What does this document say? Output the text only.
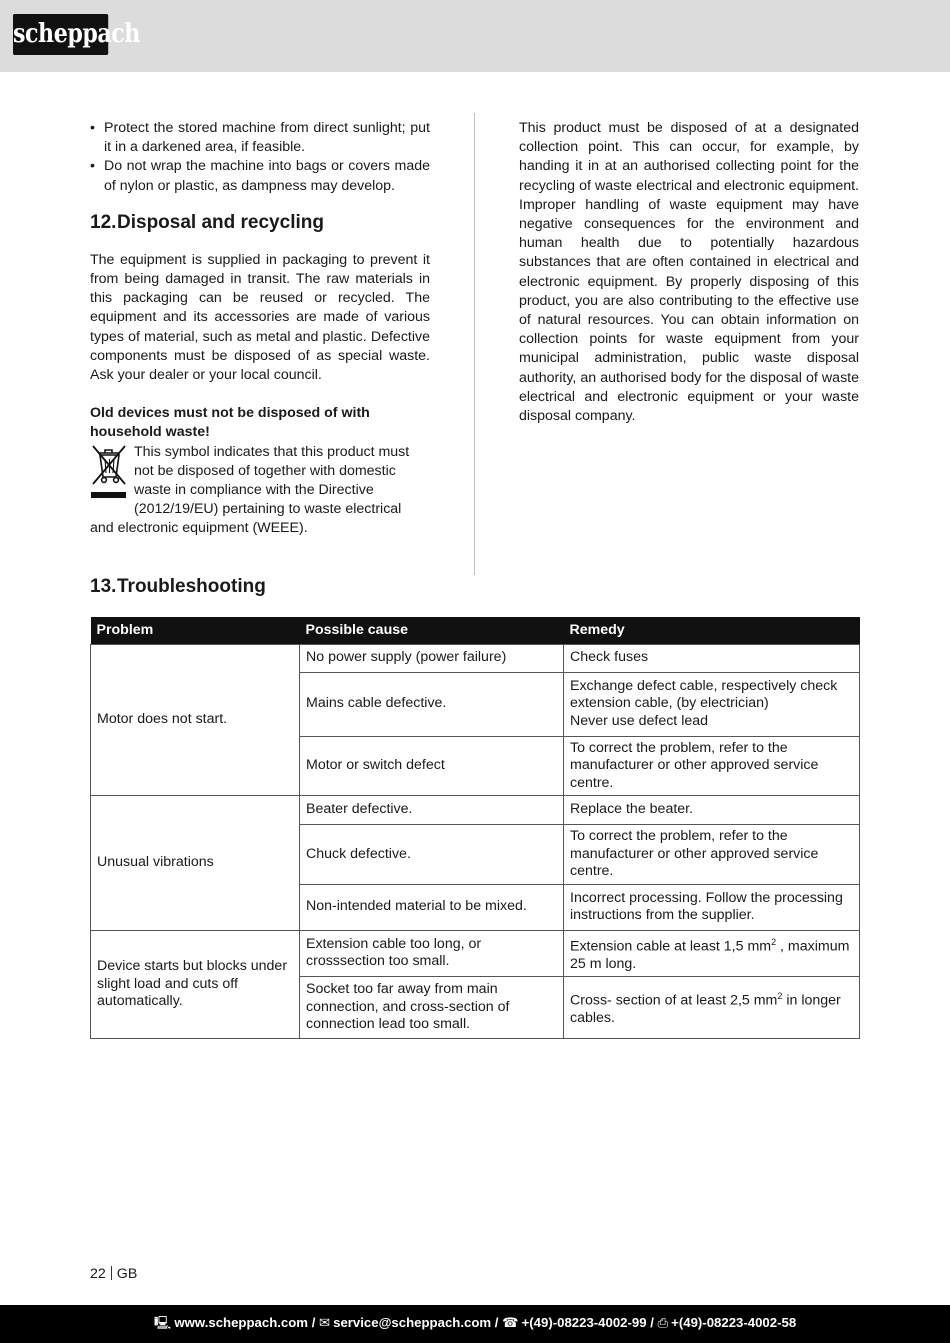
scheppach
• Protect the stored machine from direct sunlight; put it in a darkened area, if feasible.
• Do not wrap the machine into bags or covers made of nylon or plastic, as dampness may develop.
12.Disposal and recycling

The equipment is supplied in packaging to prevent it from being damaged in transit. The raw materials in this packaging can be reused or recycled. The equipment and its accessories are made of various types of material, such as metal and plastic. Defective components must be disposed of as special waste. Ask your dealer or your local council.

Old devices must not be disposed of with household waste!

This symbol indicates that this product must
not be disposed of together with domestic
waste in compliance with the Directive
(2012/19/EU) pertaining to waste electrical
and electronic equipment (WEEE).

This product must be disposed of at a designated collection point. This can occur, for example, by handing it in at an authorised collecting point for the recycling of waste electrical and electronic equipment. Improper handling of waste equipment may have negative consequences for the environment and human health due to potentially hazardous substances that are often contained in electrical and electronic equipment. By properly disposing of this product, you are also contributing to the effective use of natural resources. You can obtain information on collection points for waste equipment from your municipal administration, public waste disposal authority, an authorised body for the disposal of waste electrical and electronic equipment or your waste disposal company.

13.Troubleshooting
Problem	Possible cause	Remedy
Motor does not start.	No power supply (power failure)	Check fuses
	Mains cable defective.	Exchange defect cable, respectively check extension cable, (by electrician)
Never use defect lead
	Motor or switch defect	To correct the problem, refer to the manufacturer or other approved service centre.
Unusual vibrations	Beater defective.	Replace the beater.
	Chuck defective.	To correct the problem, refer to the manufacturer or other approved service centre.
	Non-intended material to be mixed.	Incorrect processing. Follow the processing instructions from the supplier.
Device starts but blocks under slight load and cuts off automatically.	Extension cable too long, or crosssection too small.	Extension cable at least 1,5 $mm^2$ , maximum 25 m long.
	Socket too far away from main connection, and cross-section of connection lead too small.	Cross- section of at least 2,5 $mm^2$ in longer cables.
22 GB
🖳 www.scheppach.com / ✉ service@scheppach.com / ☎ +(49)-08223-4002-99 / ⎙ +(49)-08223-4002-58
